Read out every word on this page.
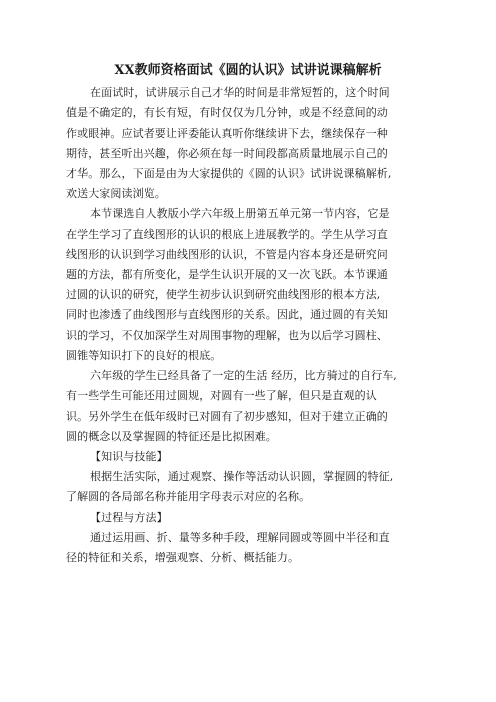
XX教师资格面试《圆的认识》试讲说课稿解析

在面试时，试讲展示自己才华的时间是非常短暂的，这个时间

值是不确定的，有长有短，有时仅仅为几分钟，或是不经意间的动

作或眼神。应试者要让评委能认真听你继续讲下去，继续保存一种

期待，甚至听出兴趣，你必须在每一时间段都高质量地展示自己的

才华。那么，下面是由为大家提供的《圆的认识》试讲说课稿解析,

欢送大家阅读浏览。

本节课选自人教版小学六年级上册第五单元第一节内容，它是

在学生学习了直线图形的认识的根底上进展教学的。学生从学习直

线图形的认识到学习曲线图形的认识，不管是内容本身还是研究问

题的方法，都有所变化，是学生认识开展的又一次飞跃。本节课通

过圆的认识的研究，使学生初步认识到研究曲线图形的根本方法,

同时也渗透了曲线图形与直线图形的关系。因此，通过圆的有关知

识的学习，不仅加深学生对周围事物的理解，也为以后学习圆柱、

圆锥等知识打下的良好的根底。

六年级的学生已经具备了一定的生活 经历，比方骑过的自行车,

有一些学生可能还用过圆规，对圆有一些了解，但只是直观的认

识。另外学生在低年级时已对圆有了初步感知，但对于建立正确的

圆的概念以及掌握圆的特征还是比拟困难。

【知识与技能】

根据生活实际，通过观察、操作等活动认识圆，掌握圆的特征,

了解圆的各局部名称并能用字母表示对应的名称。

【过程与方法】

通过运用画、折、量等多种手段，理解同圆或等圆中半径和直

径的特征和关系，增强观察、分析、概括能力。
